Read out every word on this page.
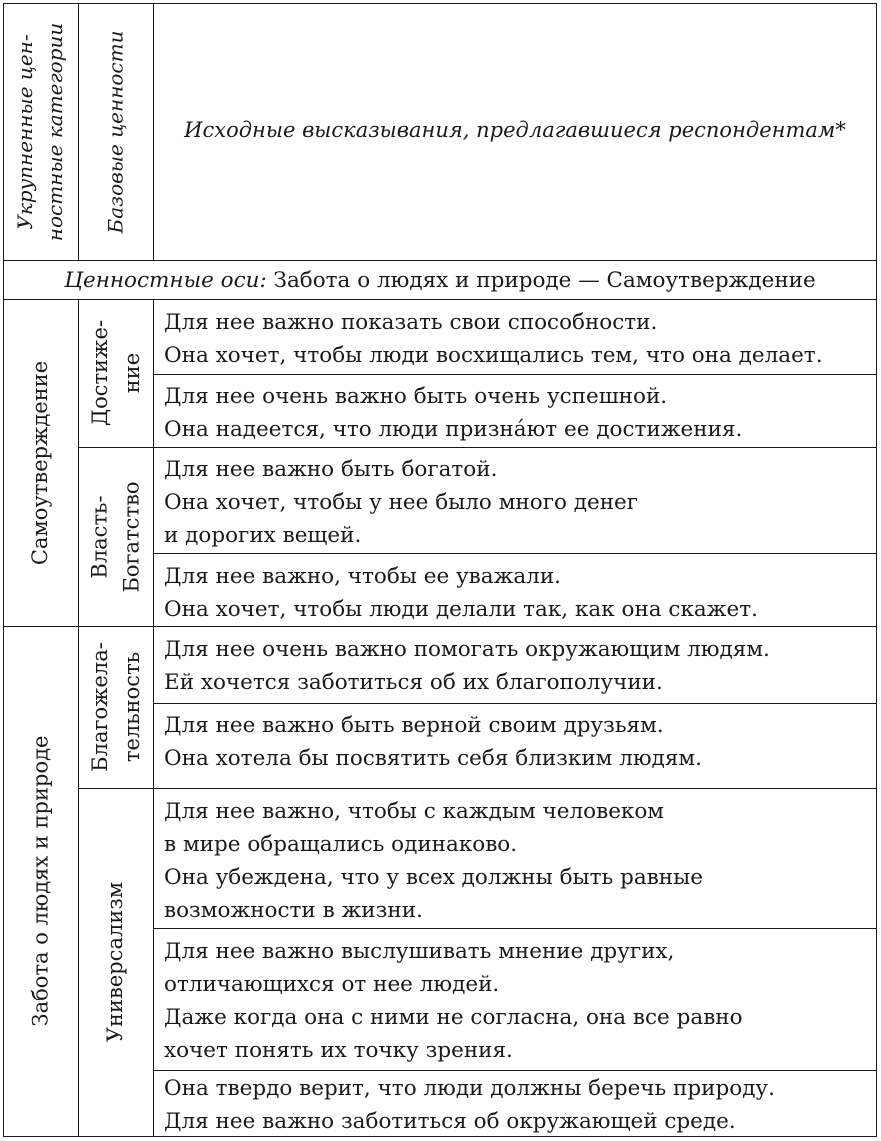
Укрупненные цен- ностные категории Базовые ценности	Исходные высказывания, предлагавшиеся респондентам*
Ценностные оси: Забота о людях и природе — Самоутверждение
Самоутверждение Достиже- ние
Для нее важно показать свои способности.
Она хочет, чтобы люди восхищались тем, что она делает.
Для нее очень важно быть очень успешной.
Она надеется, что люди признáют ее достижения.
Власть- Богатство
Для нее важно быть богатой.
Она хочет, чтобы у нее было много денег
и дорогих вещей.
Для нее важно, чтобы ее уважали.
Она хочет, чтобы люди делали так, как она скажет.
Забота о людях и природе
Благожела- тельность
Для нее очень важно помогать окружающим людям.
Ей хочется заботиться об их благополучии.
Для нее важно быть верной своим друзьям.
Она хотела бы посвятить себя близким людям.
Универсализм
Для нее важно, чтобы с каждым человеком
в мире обращались одинаково.
Она убеждена, что у всех должны быть равные
возможности в жизни.
Для нее важно выслушивать мнение других,
отличающихся от нее людей.
Даже когда она с ними не согласна, она все равно
хочет понять их точку зрения.
Она твердо верит, что люди должны беречь природу.
Для нее важно заботиться об окружающей среде.
